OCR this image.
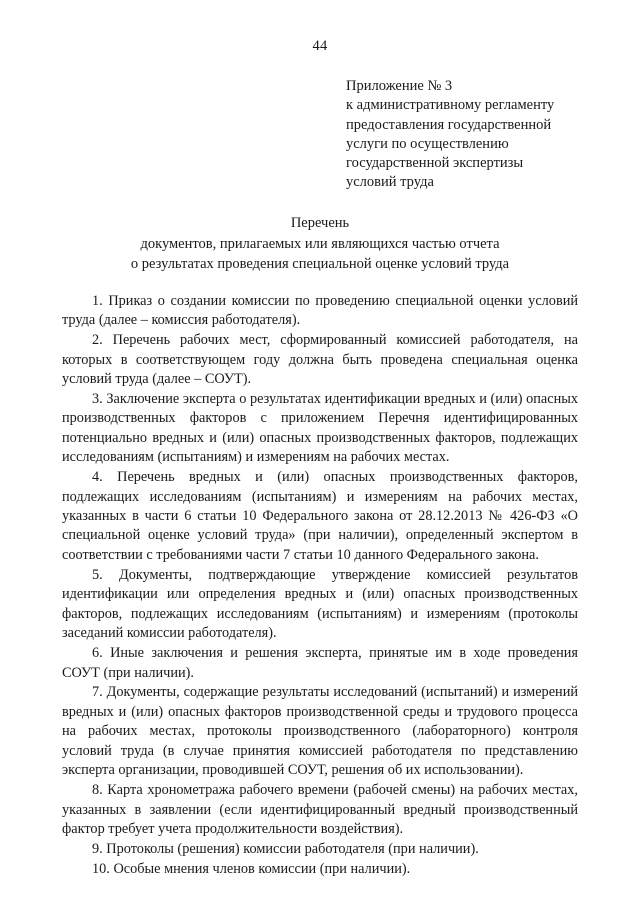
44
Приложение № 3
к административному регламенту
предоставления государственной
услуги по осуществлению
государственной экспертизы
условий труда
Перечень
документов, прилагаемых или являющихся частью отчета
о результатах проведения специальной оценке условий труда

1. Приказ о создании комиссии по проведению специальной оценки условий труда (далее – комиссия работодателя).

2. Перечень рабочих мест, сформированный комиссией работодателя, на которых в соответствующем году должна быть проведена специальная оценка условий труда (далее – СОУТ).

3. Заключение эксперта о результатах идентификации вредных и (или) опасных производственных факторов с приложением Перечня идентифицированных потенциально вредных и (или) опасных производственных факторов, подлежащих исследованиям (испытаниям) и измерениям на рабочих местах.

4. Перечень вредных и (или) опасных производственных факторов, подлежащих исследованиям (испытаниям) и измерениям на рабочих местах, указанных в части 6 статьи 10 Федерального закона от 28.12.2013 № 426-ФЗ «О специальной оценке условий труда» (при наличии), определенный экспертом в соответствии с требованиями части 7 статьи 10 данного Федерального закона.

5. Документы, подтверждающие утверждение комиссией результатов идентификации или определения вредных и (или) опасных производственных факторов, подлежащих исследованиям (испытаниям) и измерениям (протоколы заседаний комиссии работодателя).

6. Иные заключения и решения эксперта, принятые им в ходе проведения СОУТ (при наличии).

7. Документы, содержащие результаты исследований (испытаний) и измерений вредных и (или) опасных факторов производственной среды и трудового процесса на рабочих местах, протоколы производственного (лабораторного) контроля условий труда (в случае принятия комиссией работодателя по представлению эксперта организации, проводившей СОУТ, решения об их использовании).

8. Карта хронометража рабочего времени (рабочей смены) на рабочих местах, указанных в заявлении (если идентифицированный вредный производственный фактор требует учета продолжительности воздействия).

9. Протоколы (решения) комиссии работодателя (при наличии).

10. Особые мнения членов комиссии (при наличии).
